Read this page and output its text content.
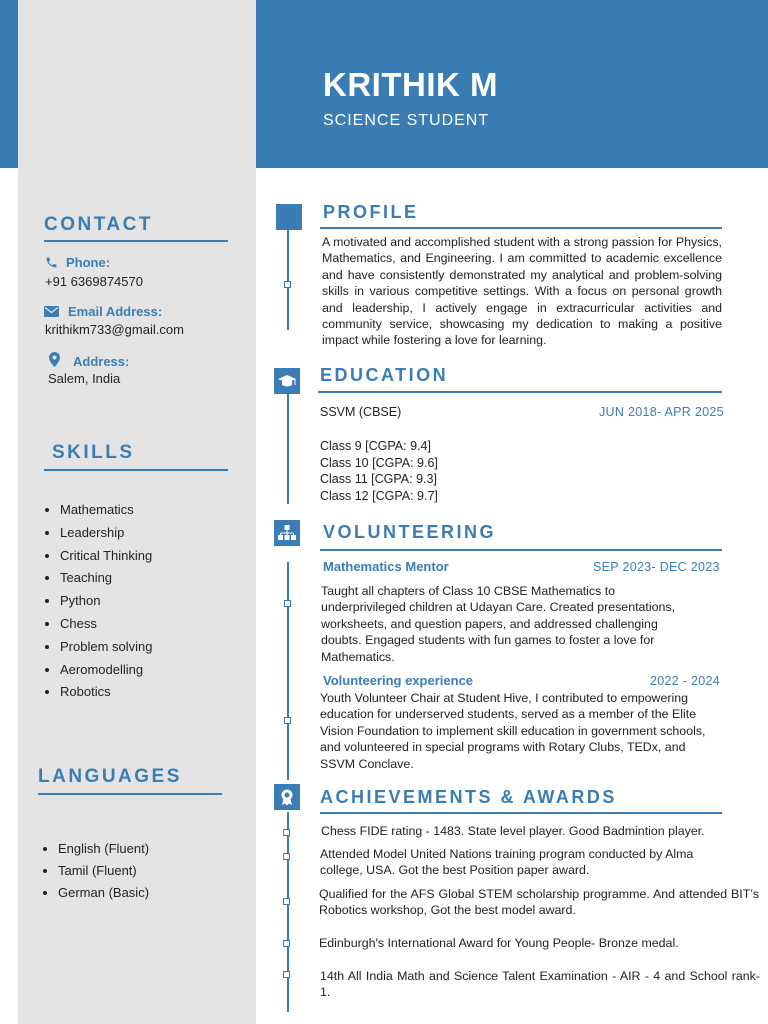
KRITHIK M
SCIENCE STUDENT
CONTACT
Phone:
+91 6369874570
Email Address:
krithikm733@gmail.com
Address:
Salem, India
SKILLS
• Mathematics
• Leadership
• Critical Thinking
• Teaching
• Python
• Chess
• Problem solving
• Aeromodelling
• Robotics
LANGUAGES
• English (Fluent)
• Tamil (Fluent)
• German (Basic)
PROFILE
A motivated and accomplished student with a strong passion for Physics, Mathematics, and Engineering. I am committed to academic excellence and have consistently demonstrated my analytical and problem-solving skills in various competitive settings. With a focus on personal growth and leadership, I actively engage in extracurricular activities and community service, showcasing my dedication to making a positive impact while fostering a love for learning.
EDUCATION
SSVM (CBSE)	JUN 2018- APR 2025
Class 9 [CGPA: 9.4]
Class 10 [CGPA: 9.6]
Class 11 [CGPA: 9.3]
Class 12 [CGPA: 9.7]
VOLUNTEERING
Mathematics Mentor	SEP 2023- DEC 2023
Taught all chapters of Class 10 CBSE Mathematics to underprivileged children at Udayan Care. Created presentations, worksheets, and question papers, and addressed challenging doubts. Engaged students with fun games to foster a love for Mathematics.
Volunteering experience	2022 - 2024
Youth Volunteer Chair at Student Hive, I contributed to empowering education for underserved students, served as a member of the Elite Vision Foundation to implement skill education in government schools, and volunteered in special programs with Rotary Clubs, TEDx, and SSVM Conclave.
ACHIEVEMENTS & AWARDS
Chess FIDE rating - 1483. State level player. Good Badmintion player.
Attended Model United Nations training program conducted by Alma college, USA. Got the best Position paper award.
Qualified for the AFS Global STEM scholarship programme. And attended BIT’s Robotics workshop, Got the best model award.
Edinburgh's International Award for Young People- Bronze medal.
14th All India Math and Science Talent Examination - AIR - 4 and School rank- 1.
